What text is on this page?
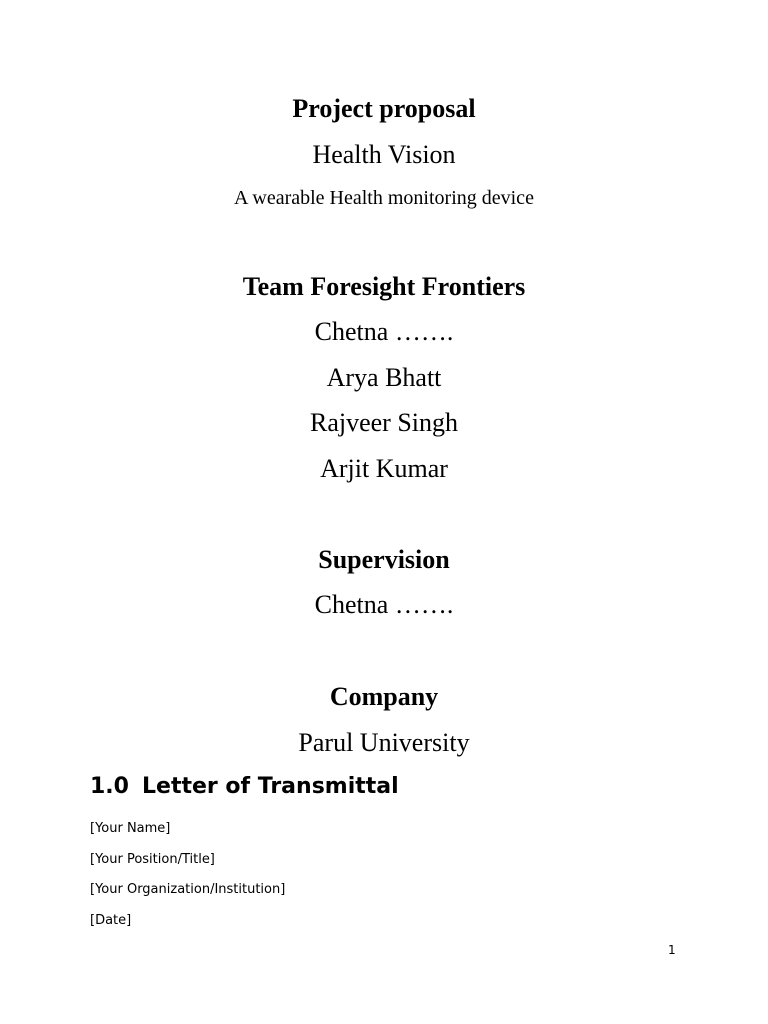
Project proposal
Health Vision
A wearable Health monitoring device
Team Foresight Frontiers
Chetna …….
Arya Bhatt
Rajveer Singh
Arjit Kumar
Supervision
Chetna …….
Company
Parul University
1.0 Letter of Transmittal
[Your Name]
[Your Position/Title]
[Your Organization/Institution]
[Date]
1
